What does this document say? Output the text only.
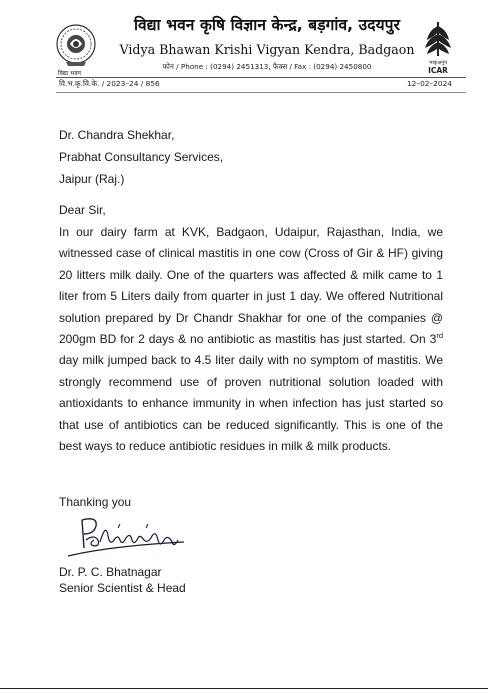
विद्या भवन
विद्या भवन कृषि विज्ञान केन्द्र, बड़गांव, उदयपुर
Vidya Bhawan Krishi Vigyan Kendra, Badgaon
फोन / Phone : (0294) 2451313, फैक्स / Fax : (0294) 2450800	भाकृअनुप
ICAR
वि.भ.कृ.वि.के. / 2023–24 / 856	12–02–2024
Dr. Chandra Shekhar,
Prabhat Consultancy Services,
Jaipur (Raj.)
Dear Sir,
In our dairy farm at KVK, Badgaon, Udaipur, Rajasthan, India, we witnessed case of clinical mastitis in one cow (Cross of Gir & HF) giving 20 litters milk daily. One of the quarters was affected & milk came to 1 liter from 5 Liters daily from quarter in just 1 day. We offered Nutritional solution prepared by Dr Chandr Shakhar for one of the companies @ 200gm BD for 2 days & no antibiotic as mastitis has just started. On 3rd day milk jumped back to 4.5 liter daily with no symptom of mastitis. We strongly recommend use of proven nutritional solution loaded with antioxidants to enhance immunity in when infection has just started so that use of antibiotics can be reduced significantly. This is one of the best ways to reduce antibiotic residues in milk & milk products.
Thanking you
Dr. P. C. Bhatnagar
Senior Scientist & Head
